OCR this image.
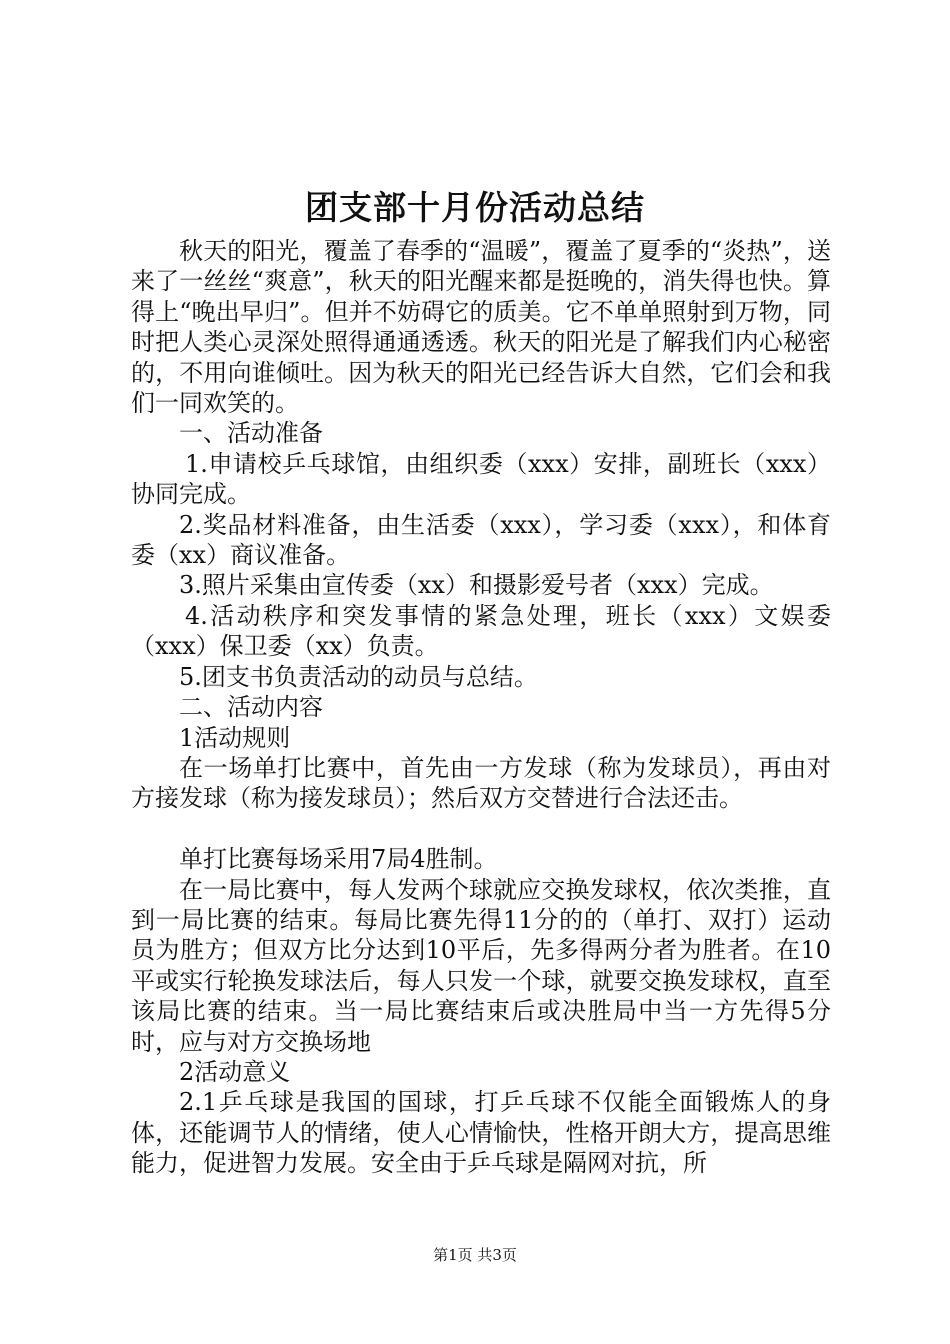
团支部十月份活动总结

秋天的阳光，覆盖了春季的“温暖”，覆盖了夏季的“炎热”，送来了一丝丝“爽意”，秋天的阳光醒来都是挺晚的，消失得也快。算得上“晚出早归”。但并不妨碍它的质美。它不单单照射到万物，同时把人类心灵深处照得通通透透。秋天的阳光是了解我们内心秘密的，不用向谁倾吐。因为秋天的阳光已经告诉大自然，它们会和我们一同欢笑的。

一、活动准备

1.申请校乒乓球馆，由组织委（xxx）安排，副班长（xxx）协同完成。

2.奖品材料准备，由生活委（xxx），学习委（xxx），和体育委（xx）商议准备。

3.照片采集由宣传委（xx）和摄影爱号者（xxx）完成。

4.活动秩序和突发事情的紧急处理，班长（xxx）文娱委（xxx）保卫委（xx）负责。

5.团支书负责活动的动员与总结。

二、活动内容

1活动规则

在一场单打比赛中，首先由一方发球（称为发球员），再由对方接发球（称为接发球员）；然后双方交替进行合法还击。

单打比赛每场采用7局4胜制。

在一局比赛中，每人发两个球就应交换发球权，依次类推，直到一局比赛的结束。每局比赛先得11分的的（单打、双打）运动员为胜方；但双方比分达到10平后，先多得两分者为胜者。在10平或实行轮换发球法后，每人只发一个球，就要交换发球权，直至该局比赛的结束。当一局比赛结束后或决胜局中当一方先得5分时，应与对方交换场地

2活动意义

2.1乒乓球是我国的国球，打乒乓球不仅能全面锻炼人的身体，还能调节人的情绪，使人心情愉快，性格开朗大方，提高思维能力，促进智力发展。安全由于乒乓球是隔网对抗，所

第1页 共3页
